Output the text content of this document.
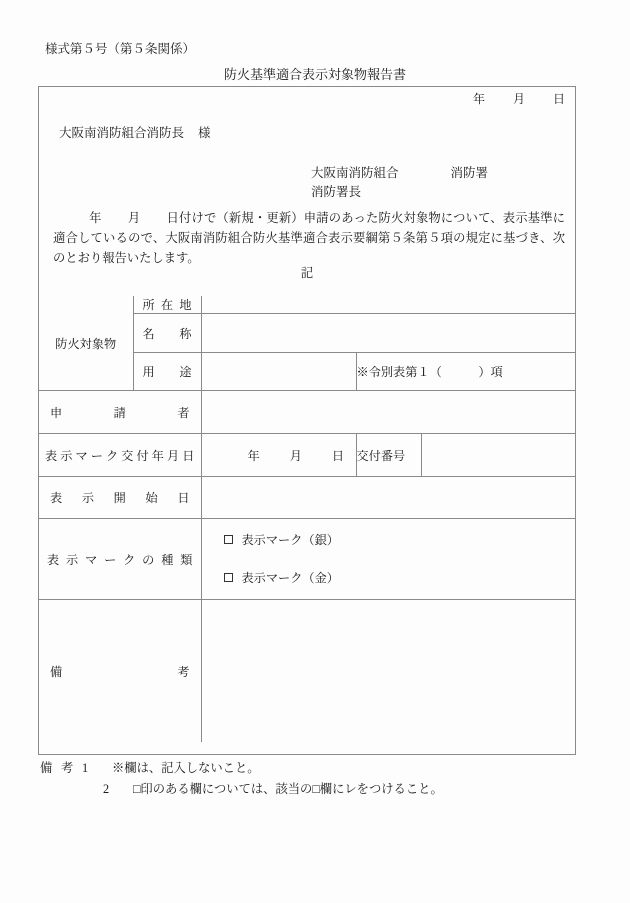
様式第５号（第５条関係）
防火基準適合表示対象物報告書
年 月 日
大阪南消防組合消防長 様
大阪南消防組合	消防署
消防署長
年 月 日付けで（新規・更新）申請のあった防火対象物について、表示基準に適合しているので、大阪南消防組合防火基準適合表示要綱第５条第５項の規定に基づき、次のとおり報告いたします。
記
防火対象物	所 在 地			

	名 称			

	用 途		※令別表第１（　　　）項	

申 請 者				

表 示 マ ー ク 交 付 年 月 日	年 月 日	交付番号	

表 示 開 始 日				

表 示 マ ー ク の 種 類

表示マーク（銀）
表示マーク（金）

備 考				

備 考 1 ※欄は、記入しないこと。
2 □印のある欄については、該当の□欄にレをつけること。
